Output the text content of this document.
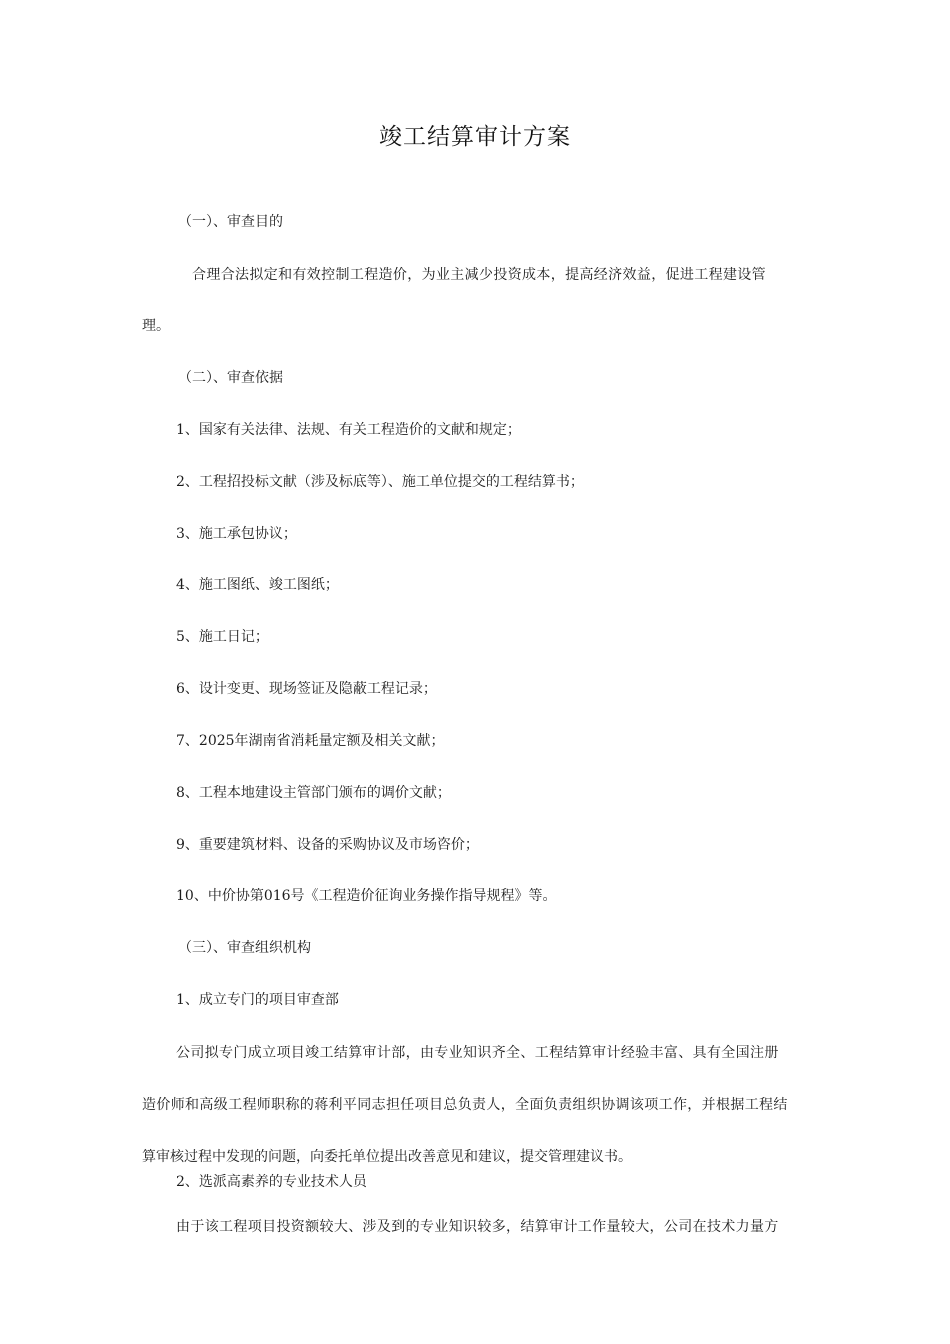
竣工结算审计方案
（一）、审查目的
合理合法拟定和有效控制工程造价，为业主减少投资成本，提高经济效益，促进工程建设管
理。
（二）、审查依据
1、国家有关法律、法规、有关工程造价的文献和规定；
2、工程招投标文献（涉及标底等）、施工单位提交的工程结算书；
3、施工承包协议；
4、施工图纸、竣工图纸；
5、施工日记；
6、设计变更、现场签证及隐蔽工程记录；
7、2025年湖南省消耗量定额及相关文献；
8、工程本地建设主管部门颁布的调价文献；
9、重要建筑材料、设备的采购协议及市场咨价；
10、中价协第016号《工程造价征询业务操作指导规程》等。
（三）、审查组织机构
1、成立专门的项目审查部
公司拟专门成立项目竣工结算审计部，由专业知识齐全、工程结算审计经验丰富、具有全国注册
造价师和高级工程师职称的蒋利平同志担任项目总负责人，全面负责组织协调该项工作，并根据工程结
算审核过程中发现的问题，向委托单位提出改善意见和建议，提交管理建议书。
2、选派高素养的专业技术人员
由于该工程项目投资额较大、涉及到的专业知识较多，结算审计工作量较大，公司在技术力量方
